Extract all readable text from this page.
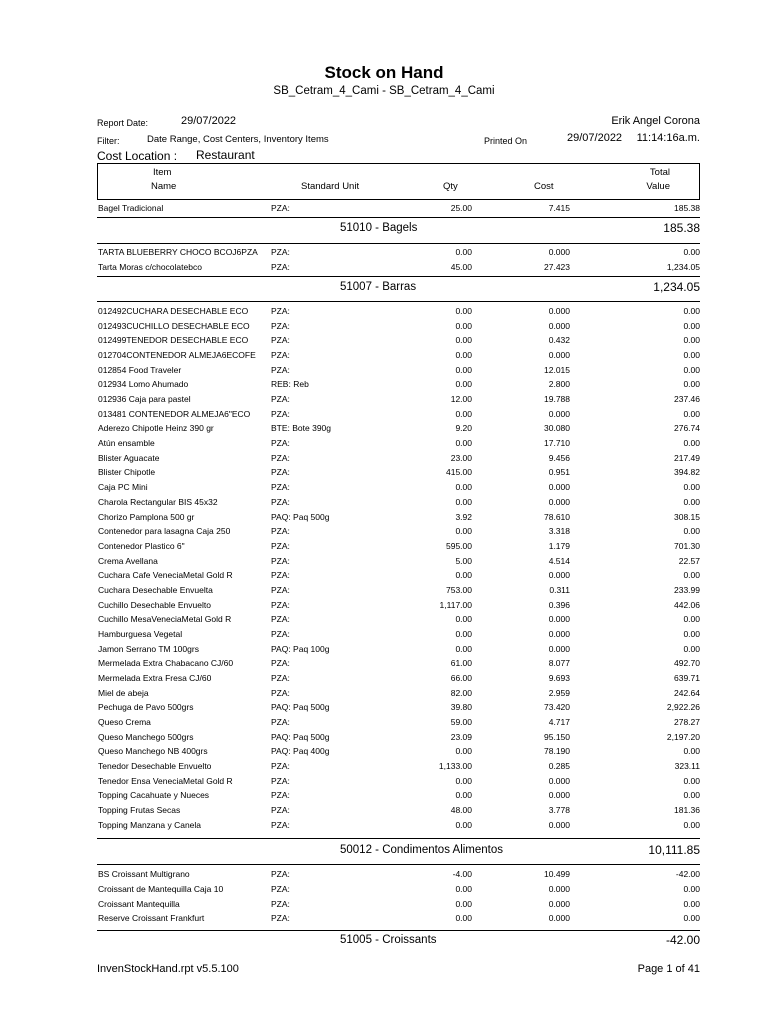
Stock on Hand
SB_Cetram_4_Cami - SB_Cetram_4_Cami
Report Date:	29/07/2022	Erik Angel Corona
Filter:	Date Range, Cost Centers, Inventory Items	Printed On	29/07/2022 11:14:16a.m.
Cost Location : Restaurant
Item
Name	Standard Unit	Qty	Cost
Total
Value
Bagel Tradicional	PZA:	25.00	7.415	185.38
51010 - Bagels	185.38
TARTA BLUEBERRY CHOCO BCOJ6PZA	PZA:	0.00	0.000	0.00
Tarta Moras c/chocolatebco	PZA:	45.00	27.423	1,234.05
51007 - Barras	1,234.05
012492CUCHARA DESECHABLE ECO	PZA:	0.00	0.000	0.00
012493CUCHILLO DESECHABLE ECO	PZA:	0.00	0.000	0.00
012499TENEDOR DESECHABLE ECO	PZA:	0.00	0.432	0.00
012704CONTENEDOR ALMEJA6ECOFE	PZA:	0.00	0.000	0.00
012854 Food Traveler	PZA:	0.00	12.015	0.00
012934 Lomo Ahumado	REB: Reb	0.00	2.800	0.00
012936 Caja para pastel	PZA:	12.00	19.788	237.46
013481 CONTENEDOR ALMEJA6"ECO	PZA:	0.00	0.000	0.00
Aderezo Chipotle Heinz 390 gr	BTE: Bote 390g	9.20	30.080	276.74
Atún ensamble	PZA:	0.00	17.710	0.00
Blister Aguacate	PZA:	23.00	9.456	217.49
Blister Chipotle	PZA:	415.00	0.951	394.82
Caja PC Mini	PZA:	0.00	0.000	0.00
Charola Rectangular BIS 45x32	PZA:	0.00	0.000	0.00
Chorizo Pamplona 500 gr	PAQ: Paq 500g	3.92	78.610	308.15
Contenedor para lasagna Caja 250	PZA:	0.00	3.318	0.00
Contenedor Plastico 6"	PZA:	595.00	1.179	701.30
Crema Avellana	PZA:	5.00	4.514	22.57
Cuchara Cafe VeneciaMetal Gold R	PZA:	0.00	0.000	0.00
Cuchara Desechable Envuelta	PZA:	753.00	0.311	233.99
Cuchillo Desechable Envuelto	PZA:	1,117.00	0.396	442.06
Cuchillo MesaVeneciaMetal Gold R	PZA:	0.00	0.000	0.00
Hamburguesa Vegetal	PZA:	0.00	0.000	0.00
Jamon Serrano TM 100grs	PAQ: Paq 100g	0.00	0.000	0.00
Mermelada Extra Chabacano CJ/60	PZA:	61.00	8.077	492.70
Mermelada Extra Fresa CJ/60	PZA:	66.00	9.693	639.71
Miel de abeja	PZA:	82.00	2.959	242.64
Pechuga de Pavo 500grs	PAQ: Paq 500g	39.80	73.420	2,922.26
Queso Crema	PZA:	59.00	4.717	278.27
Queso Manchego 500grs	PAQ: Paq 500g	23.09	95.150	2,197.20
Queso Manchego NB 400grs	PAQ: Paq 400g	0.00	78.190	0.00
Tenedor Desechable Envuelto	PZA:	1,133.00	0.285	323.11
Tenedor Ensa VeneciaMetal Gold R	PZA:	0.00	0.000	0.00
Topping Cacahuate y Nueces	PZA:	0.00	0.000	0.00
Topping Frutas Secas	PZA:	48.00	3.778	181.36
Topping Manzana y Canela	PZA:	0.00	0.000	0.00
50012 - Condimentos Alimentos	10,111.85
BS Croissant Multigrano	PZA:	-4.00	10.499	-42.00
Croissant de Mantequilla Caja 10	PZA:	0.00	0.000	0.00
Croissant Mantequilla	PZA:	0.00	0.000	0.00
Reserve Croissant Frankfurt	PZA:	0.00	0.000	0.00
51005 - Croissants	-42.00
InvenStockHand.rpt v5.5.100	Page 1 of 41
